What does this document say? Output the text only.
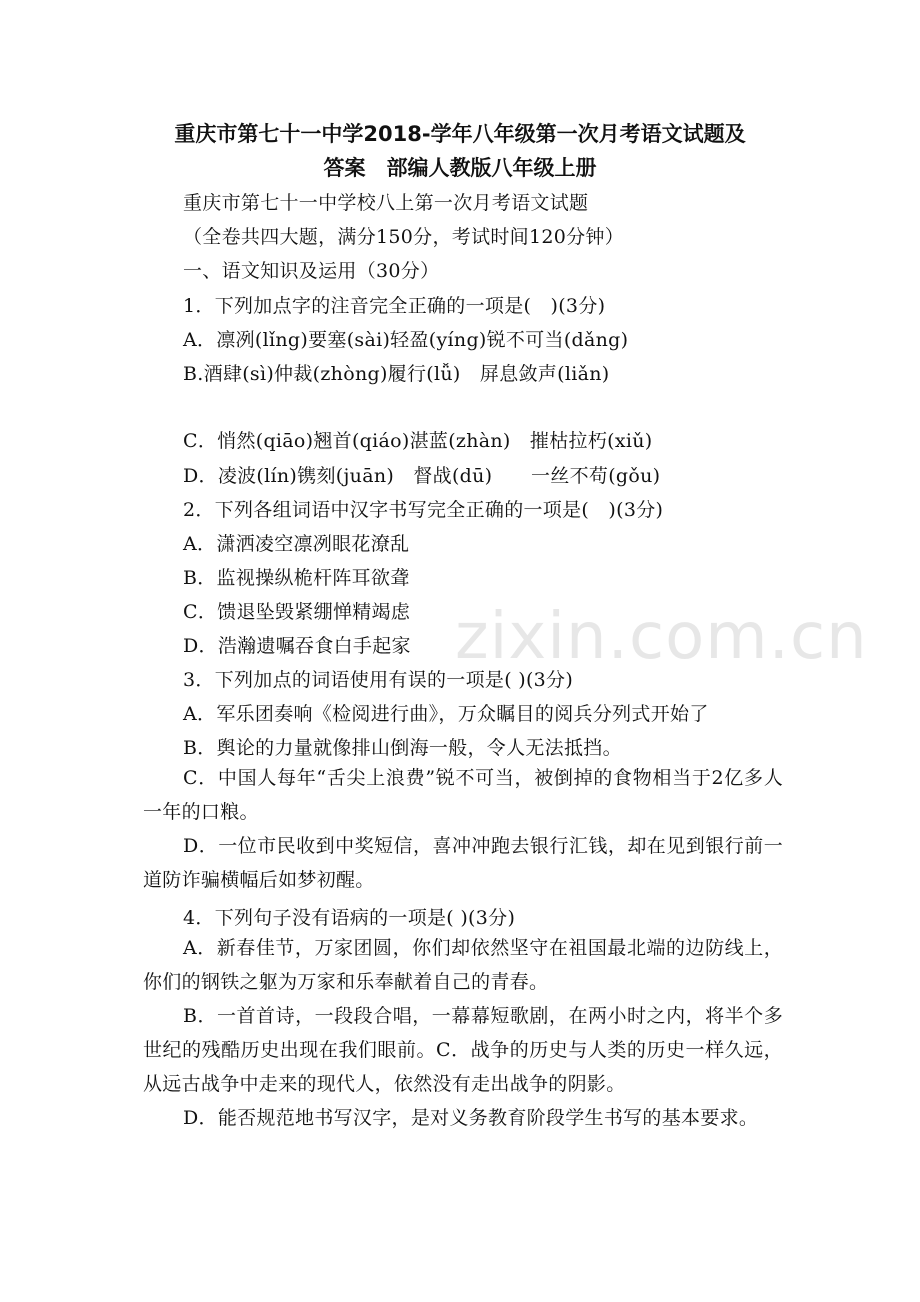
重庆市第七十一中学2018-学年八年级第一次月考语文试题及
答案　部编人教版八年级上册
重庆市第七十一中学校八上第一次月考语文试题
（全卷共四大题，满分150分，考试时间120分钟）
一、语文知识及运用（30分）
1．下列加点字的注音完全正确的一项是(　)(3分)
A．凛冽(lǐng)要塞(sài)轻盈(yíng)锐不可当(dǎng)
B.酒肆(sì)仲裁(zhòng)履行(lǚ)　屏息敛声(liǎn)
C．悄然(qiāo)翘首(qiáo)湛蓝(zhàn)　摧枯拉朽(xiǔ)
D．凌波(lín)镌刻(juān)　督战(dū)　　一丝不苟(gǒu)
2．下列各组词语中汉字书写完全正确的一项是(　)(3分)
A．潇洒凌空凛冽眼花潦乱
B．监视操纵桅杆阵耳欲聋
C．馈退坠毁紧绷惮精竭虑
D．浩瀚遗嘱吞食白手起家
3．下列加点的词语使用有误的一项是( )(3分)
A．军乐团奏响《检阅进行曲》，万众瞩目的阅兵分列式开始了
B．舆论的力量就像排山倒海一般，令人无法抵挡。
C．中国人每年“舌尖上浪费”锐不可当，被倒掉的食物相当于2亿多人一年的口粮。
D．一位市民收到中奖短信，喜冲冲跑去银行汇钱，却在见到银行前一道防诈骗横幅后如梦初醒。
4．下列句子没有语病的一项是( )(3分)
A．新春佳节，万家团圆，你们却依然坚守在祖国最北端的边防线上，你们的钢铁之躯为万家和乐奉献着自己的青春。
B．一首首诗，一段段合唱，一幕幕短歌剧，在两小时之内，将半个多世纪的残酷历史出现在我们眼前。C．战争的历史与人类的历史一样久远，从远古战争中走来的现代人，依然没有走出战争的阴影。
D．能否规范地书写汉字，是对义务教育阶段学生书写的基本要求。
zixin.com.cn
